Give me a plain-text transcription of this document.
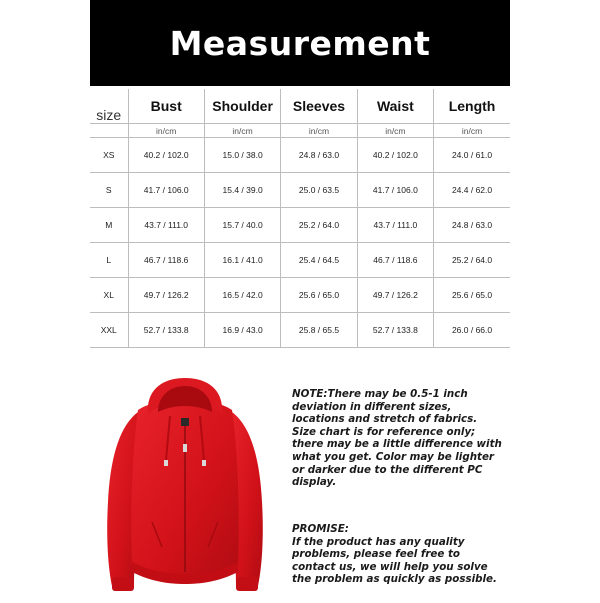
Measurement
size	Bust	Shoulder	Sleeves	Waist	Length
	in/cm	in/cm	in/cm	in/cm	in/cm
XS	40.2 / 102.0	15.0 / 38.0	24.8 / 63.0	40.2 / 102.0	24.0 / 61.0
S	41.7 / 106.0	15.4 / 39.0	25.0 / 63.5	41.7 / 106.0	24.4 / 62.0
M	43.7 / 111.0	15.7 / 40.0	25.2 / 64.0	43.7 / 111.0	24.8 / 63.0
L	46.7 / 118.6	16.1 / 41.0	25.4 / 64.5	46.7 / 118.6	25.2 / 64.0
XL	49.7 / 126.2	16.5 / 42.0	25.6 / 65.0	49.7 / 126.2	25.6 / 65.0
XXL	52.7 / 133.8	16.9 / 43.0	25.8 / 65.5	52.7 / 133.8	26.0 / 66.0
NOTE:There may be 0.5-1 inch deviation in different sizes, locations and stretch of fabrics. Size chart is for reference only; there may be a little difference with what you get. Color may be lighter or darker due to the different PC display.
PROMISE:
If the product has any quality problems, please feel free to contact us, we will help you solve the problem as quickly as possible.
